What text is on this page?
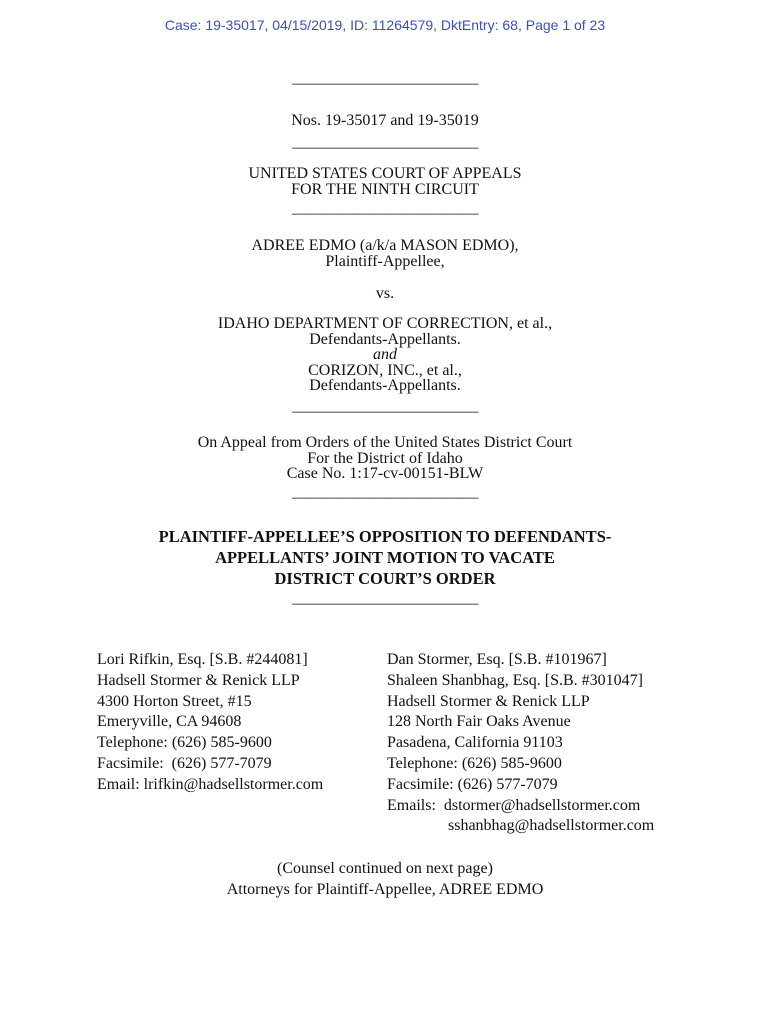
Case: 19-35017, 04/15/2019, ID: 11264579, DktEntry: 68, Page 1 of 23
————————————
Nos. 19-35017 and 19-35019
————————————
UNITED STATES COURT OF APPEALS
FOR THE NINTH CIRCUIT
————————————
ADREE EDMO (a/k/a MASON EDMO),
Plaintiff-Appellee,
vs.
IDAHO DEPARTMENT OF CORRECTION, et al.,
Defendants-Appellants.
and
CORIZON, INC., et al.,
Defendants-Appellants.
————————————
On Appeal from Orders of the United States District Court
For the District of Idaho
Case No. 1:17-cv-00151-BLW
————————————
PLAINTIFF-APPELLEE’S OPPOSITION TO DEFENDANTS-
APPELLANTS’ JOINT MOTION TO VACATE
DISTRICT COURT’S ORDER
————————————
Lori Rifkin, Esq. [S.B. #244081]
Hadsell Stormer & Renick LLP
4300 Horton Street, #15
Emeryville, CA 94608
Telephone: (626) 585-9600
Facsimile:  (626) 577-7079
Email: lrifkin@hadsellstormer.com
Dan Stormer, Esq. [S.B. #101967]
Shaleen Shanbhag, Esq. [S.B. #301047]
Hadsell Stormer & Renick LLP
128 North Fair Oaks Avenue
Pasadena, California 91103
Telephone: (626) 585-9600
Facsimile: (626) 577-7079
Emails:  dstormer@hadsellstormer.com
sshanbhag@hadsellstormer.com
(Counsel continued on next page)
Attorneys for Plaintiff-Appellee, ADREE EDMO
